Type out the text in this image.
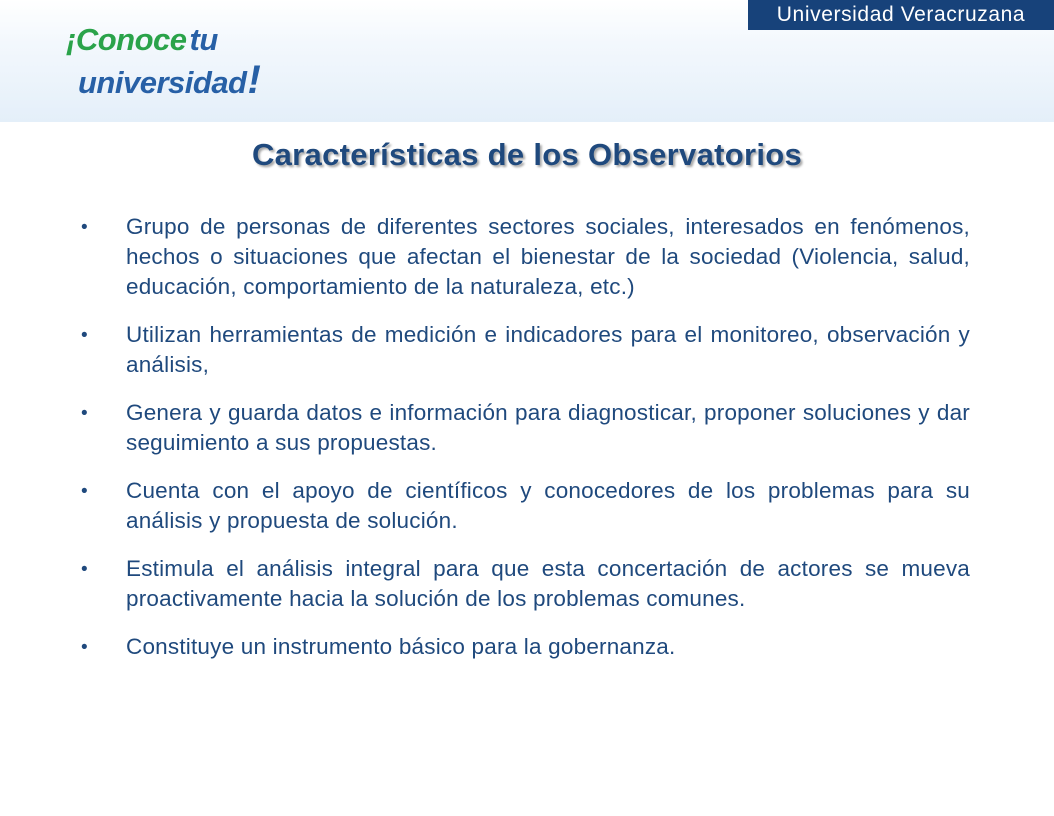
Universidad Veracruzana
¡Conocetu
universidad!
Características de los Observatorios
• Grupo de personas de diferentes sectores sociales, interesados en fenómenos, hechos o situaciones que afectan el bienestar de la sociedad (Violencia, salud, educación, comportamiento de la naturaleza, etc.)
• Utilizan herramientas de medición e indicadores para el monitoreo, observación y análisis,
• Genera y guarda datos e información para diagnosticar, proponer soluciones y dar seguimiento a sus propuestas.
• Cuenta con el apoyo de científicos y conocedores de los problemas para su análisis y propuesta de solución.
• Estimula el análisis integral para que esta concertación de actores se mueva proactivamente hacia la solución de los problemas comunes.
• Constituye un instrumento básico para la gobernanza.
